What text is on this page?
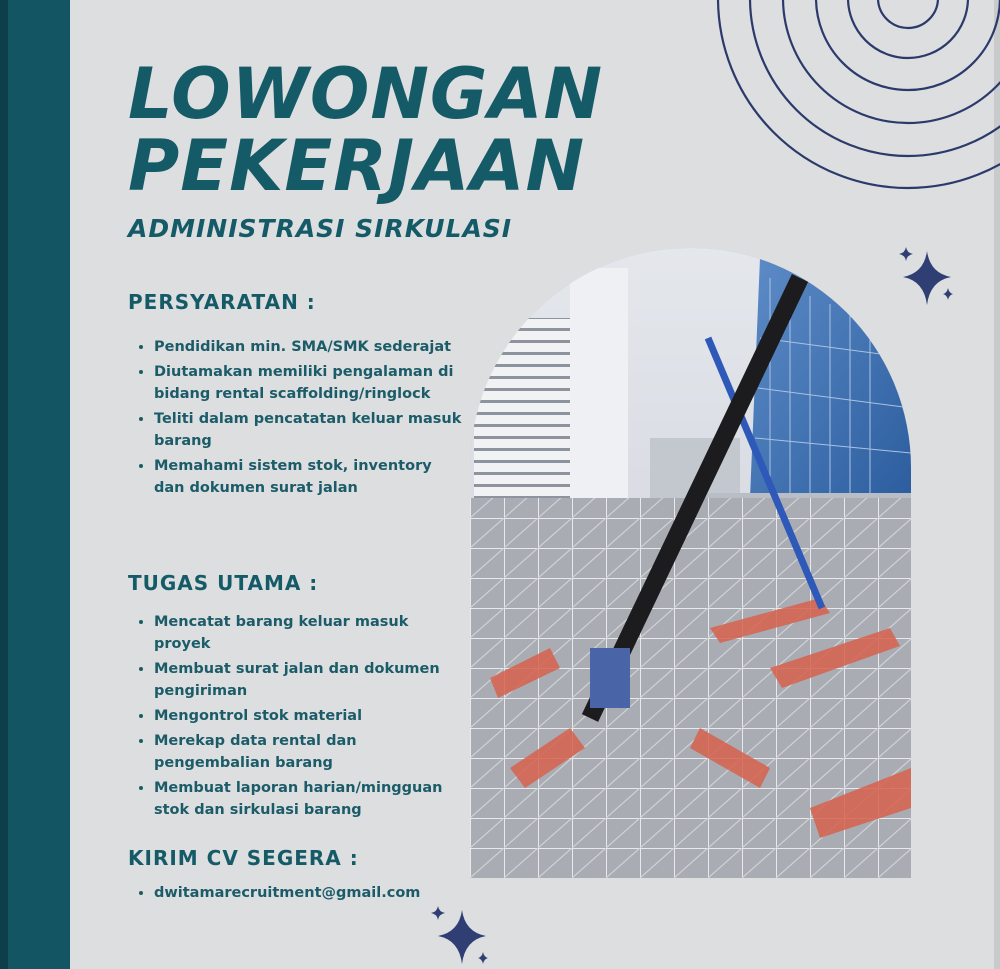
LOWONGAN
PEKERJAAN
ADMINISTRASI SIRKULASI
PERSYARATAN :
Pendidikan min. SMA/SMK sederajat
Diutamakan memiliki pengalaman di bidang rental scaffolding/ringlock
Teliti dalam pencatatan keluar masuk barang
Memahami sistem stok, inventory dan dokumen surat jalan
TUGAS UTAMA :
Mencatat barang keluar masuk proyek
Membuat surat jalan dan dokumen pengiriman
Mengontrol stok material
Merekap data rental dan pengembalian barang
Membuat laporan harian/mingguan stok dan sirkulasi barang
KIRIM CV SEGERA :
dwitamarecruitment@gmail.com
